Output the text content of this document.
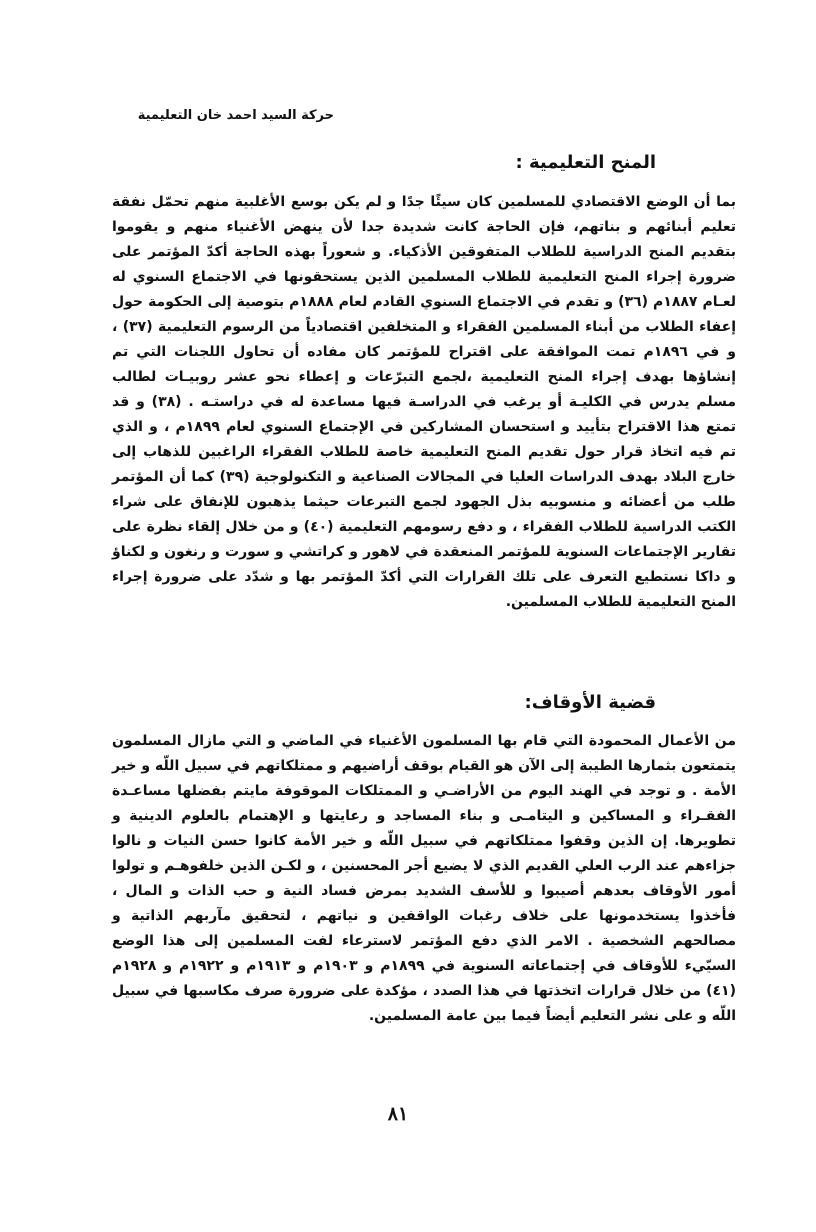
حركة السيد احمد خان التعليمية
المنح التعليمية :

بما أن الوضع الاقتصادي للمسلمين كان سيئًا جدًا و لم يكن بوسع الأغلبية منهم تحمّل نفقة تعليم أبنائهم و بناتهم، فإن الحاجة كانت شديدة جدا لأن ينهض الأغنياء منهم و يقوموا بتقديم المنح الدراسية للطلاب المتفوقين الأذكياء. و شعوراً بهذه الحاجة أكدّ المؤتمر على ضرورة إجراء المنح التعليمية للطلاب المسلمين الذين يستحقونها في الاجتماع السنوي له لعـام ١٨٨٧م (٣٦) و تقدم في الاجتماع السنوي القادم لعام ١٨٨٨م بتوصية إلى الحكومة حول إعفاء الطلاب من أبناء المسلمين الفقراء و المتخلفين اقتصادياً من الرسوم التعليمية (٣٧) ، و في ١٨٩٦م تمت الموافقة على اقتراح للمؤتمر كان مفاده أن تحاول اللجنات التي تم إنشاؤها بهدف إجراء المنح التعليمية ،لجمع التبرّعات و إعطاء نحو عشر روبيـات لطالب مسلم يدرس في الكليـة أو يرغب في الدراسـة فيها مساعدة له في دراستـه . (٣٨) و قد تمتع هذا الاقتراح بتأييد و استحسان المشاركين في الإجتماع السنوي لعام ١٨٩٩م ، و الذي تم فيه اتخاذ قرار حول تقديم المنح التعليمية خاصة للطلاب الفقراء الراغبين للذهاب إلى خارج البلاد بهدف الدراسات العليا في المجالات الصناعية و التكنولوجية (٣٩) كما أن المؤتمر طلب من أعضائه و منسوبيه بذل الجهود لجمع التبرعات حيثما يذهبون للإنفاق على شراء الكتب الدراسية للطلاب الفقراء ، و دفع رسومهم التعليمية (٤٠) و من خلال إلقاء نظرة على تقارير الإجتماعات السنوية للمؤتمر المنعقدة في لاهور و كراتشي و سورت و رنغون و لكناؤ و داكا نستطيع التعرف على تلك القرارات التي أكدّ المؤتمر بها و شدّد على ضرورة إجراء المنح التعليمية للطلاب المسلمين.

قضية الأوقاف:

من الأعمال المحمودة التي قام بها المسلمون الأغنياء في الماضي و التي مازال المسلمون يتمتعون بثمارها الطيبة إلى الآن هو القيام بوقف أراضيهم و ممتلكاتهم في سبيل اللّه و خير الأمة . و توجد في الهند اليوم من الأراضـي و الممتلكات الموقوفة مايتم بفضلها مساعـدة الفقـراء و المساكين و اليتامـى و بناء المساجد و رعايتها و الإهتمام بالعلوم الدينية و تطويرها. إن الذين وقفوا ممتلكاتهم في سبيل اللّه و خير الأمة كانوا حسن النيات و نالوا جزاءهم عند الرب العلي القديم الذي لا يضيع أجر المحسنين ، و لكـن الذين خلفوهـم و تولوا أمور الأوقاف بعدهم أصيبوا و للأسف الشديد بمرض فساد النية و حب الذات و المال ، فأخذوا يستخدمونها على خلاف رغبات الواقفين و نياتهم ، لتحقيق مآربهم الذاتية و مصالحهم الشخصية . الامر الذي دفع المؤتمر لاسترعاء لفت المسلمين إلى هذا الوضع السيّيء للأوقاف في إجتماعاته السنوية في ١٨٩٩م و ١٩٠٣م و ١٩١٣م و ١٩٢٢م و ١٩٢٨م (٤١) من خلال قرارات اتخذتها في هذا الصدد ، مؤكدة على ضرورة صرف مكاسبها في سبيل اللّه و على نشر التعليم أيضاً فيما بين عامة المسلمين.

٨١
